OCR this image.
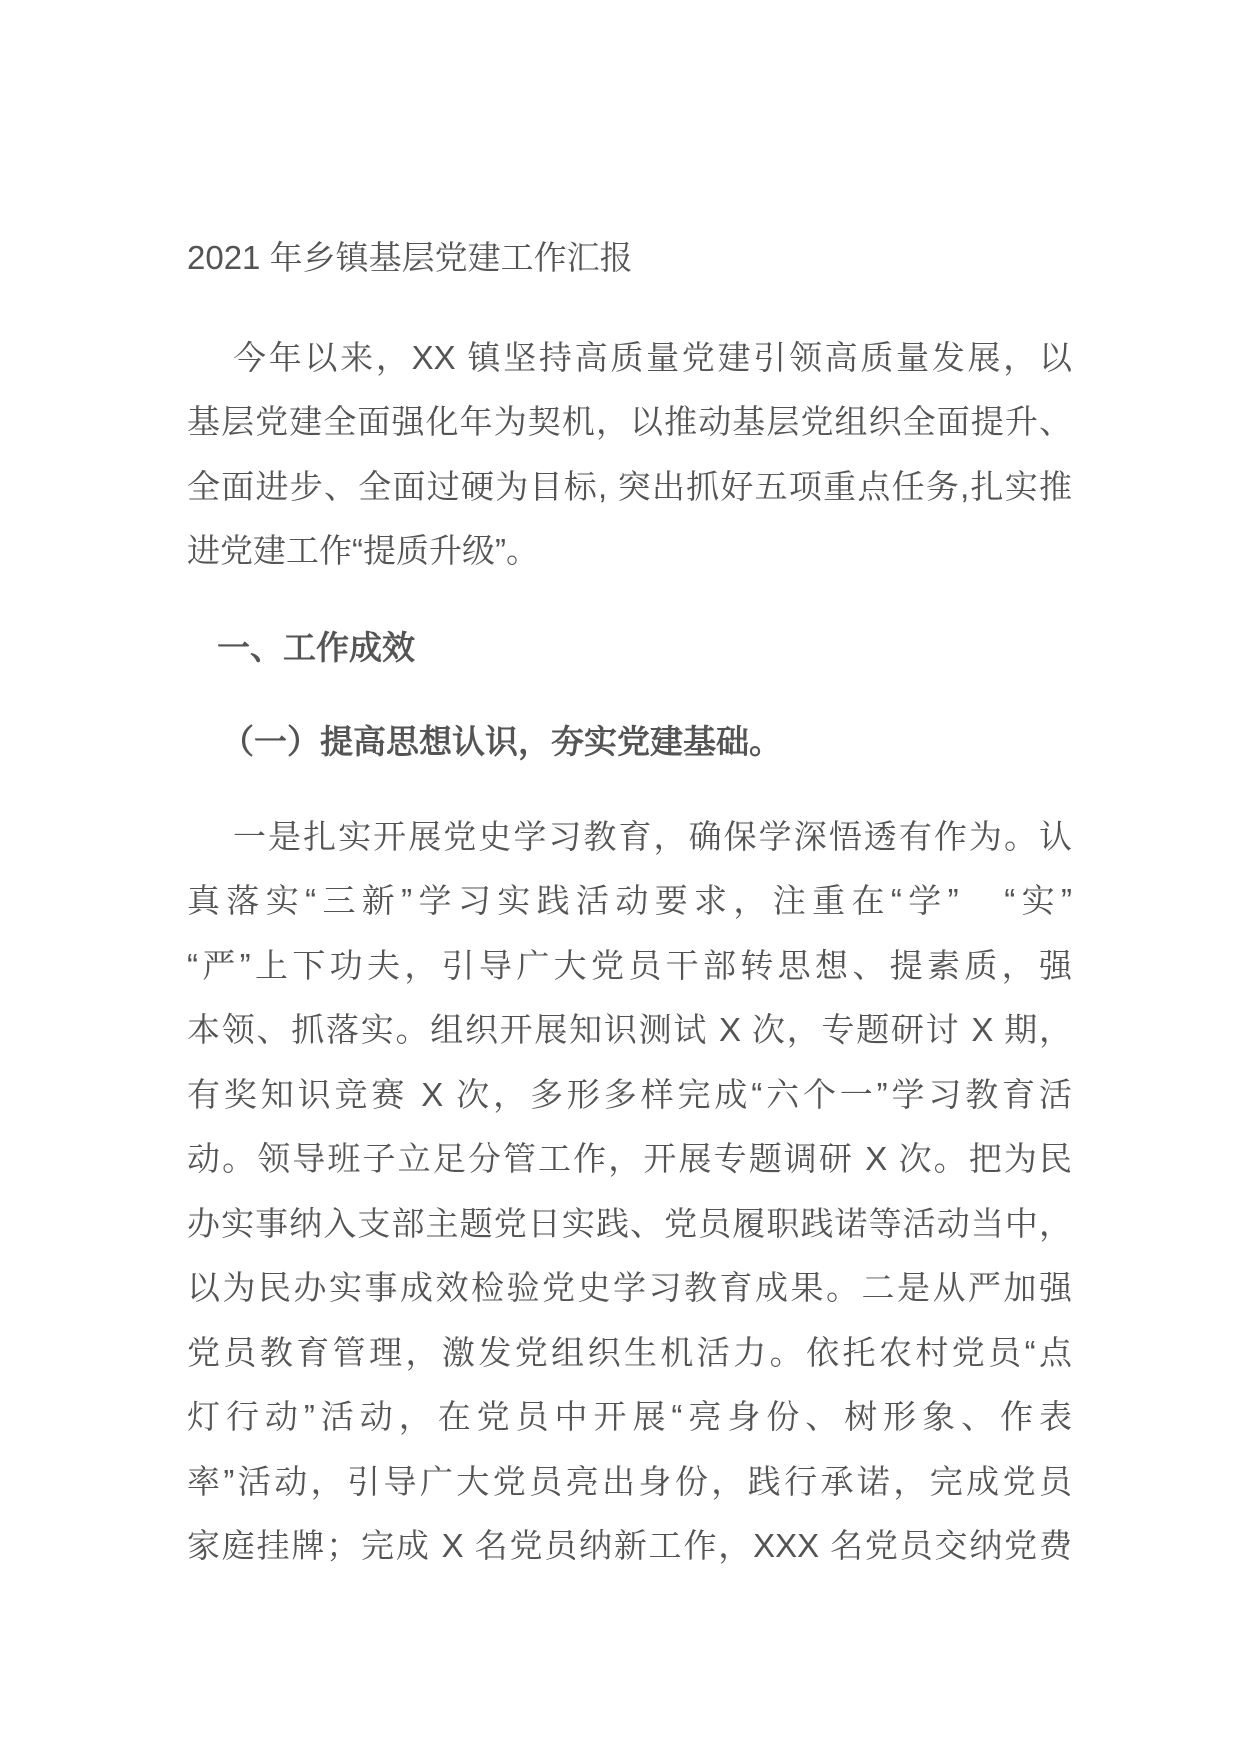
2021 年乡镇基层党建工作汇报
今年以来，XX 镇坚持高质量党建引领高质量发展，以
基层党建全面强化年为契机，以推动基层党组织全面提升、
全面进步、全面过硬为目标, 突出抓好五项重点任务,扎实推
进党建工作“提质升级”。
一、工作成效
（一）提高思想认识，夯实党建基础。
一是扎实开展党史学习教育，确保学深悟透有作为。认
真落实“三新”学习实践活动要求，注重在“学”　“实”
“严”上下功夫，引导广大党员干部转思想、提素质，强
本领、抓落实。组织开展知识测试 X 次，专题研讨 X 期，
有奖知识竞赛 X 次，多形多样完成“六个一”学习教育活
动。领导班子立足分管工作，开展专题调研 X 次。把为民
办实事纳入支部主题党日实践、党员履职践诺等活动当中，
以为民办实事成效检验党史学习教育成果。二是从严加强
党员教育管理，激发党组织生机活力。依托农村党员“点
灯行动”活动，在党员中开展“亮身份、树形象、作表
率”活动，引导广大党员亮出身份，践行承诺，完成党员
家庭挂牌；完成 X 名党员纳新工作，XXX 名党员交纳党费
